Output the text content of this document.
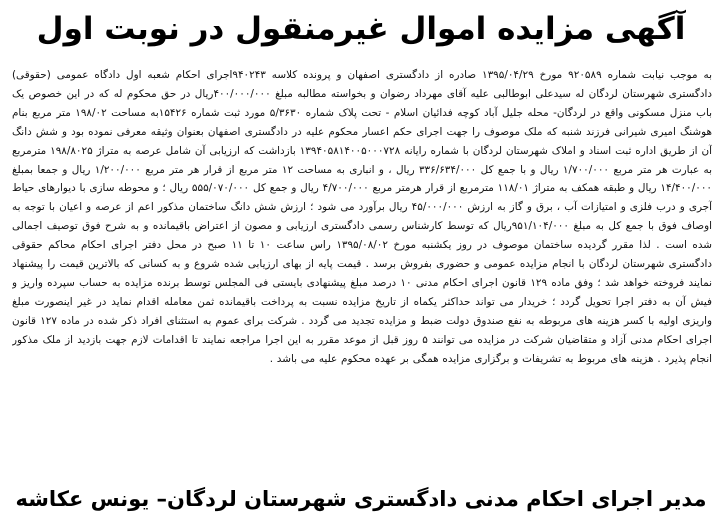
آگهی مزایده اموال غیرمنقول در نوبت اول
به موجب نیابت شماره ۹۲۰۵۸۹ مورخ ۱۳۹۵/۰۴/۲۹ صادره از دادگستری اصفهان و پرونده کلاسه ۹۴۰۲۴۳اجرای احکام شعبه اول دادگاه عمومی (حقوقی) دادگستری شهرستان لردگان له سیدعلی ابوطالبی علیه آقای مهرداد رضوان و بخواسته مطالبه مبلغ ۴۰۰/۰۰۰/۰۰۰ریال در حق محکوم له که در این خصوص یک باب منزل مسکونی واقع در لردگان- محله جلیل آباد کوچه فدائیان اسلام - تحت پلاک شماره ۵/۳۶۳۰ مورد ثبت شماره ۱۵۴۲۶به مساحت ۱۹۸/۰۲ متر مربع بنام هوشنگ امیری شیرانی فرزند شنبه که ملک موصوف را جهت اجرای حکم اعسار محکوم علیه در دادگستری اصفهان بعنوان وثیقه معرفی نموده بود و شش دانگ آن از طریق اداره ثبت اسناد و املاک شهرستان لردگان با شماره رایانه ۱۳۹۴۰۵۸۱۴۰۰۵۰۰۰۷۲۸ بازداشت که ارزیابی آن شامل عرصه به متراژ ۱۹۸/۸۰۲۵ مترمربع به عبارت هر متر مربع ۱/۷۰۰/۰۰۰ ریال و با جمع کل ۳۳۶/۶۳۴/۰۰۰ ریال ، و انباری به مساحت ۱۲ متر مربع از قرار هر متر مربع ۱/۲۰۰/۰۰۰ ریال و جمعا بمبلغ ۱۴/۴۰۰/۰۰۰ ریال و طبقه همکف به متراژ ۱۱۸/۰۱ مترمربع از قرار هرمتر مربع ۴/۷۰۰/۰۰۰ ریال و جمع کل ۵۵۵/۰۷۰/۰۰۰ ریال ؛ و محوطه سازی با دیوارهای حیاط آجری و درب فلزی و امتیازات آب ، برق و گاز به ارزش ۴۵/۰۰۰/۰۰۰ ریال برآورد می شود ؛ ارزش شش دانگ ساختمان مذکور اعم از عرصه و اعیان با توجه به اوصاف فوق با جمع کل به مبلغ ۹۵۱/۱۰۴/۰۰۰ریال که توسط کارشناس رسمی دادگستری ارزیابی و مصون از اعتراض باقیمانده و به شرح فوق توصیف اجمالی شده است . لذا مقرر گردیده ساختمان موصوف در روز یکشنبه مورخ ۱۳۹۵/۰۸/۰۲ راس ساعت ۱۰ تا ۱۱ صبح در محل دفتر اجرای احکام محاکم حقوقی دادگستری شهرستان لردگان با انجام مزایده عمومی و حضوری بفروش برسد . قیمت پایه از بهای ارزیابی شده شروع و به کسانی که بالاترین قیمت را پیشنهاد نمایند فروخته خواهد شد ؛ وفق ماده ۱۲۹ قانون اجرای احکام مدنی ۱۰ درصد مبلغ پیشنهادی بایستی فی المجلس توسط برنده مزایده به حساب سپرده واریز و فیش آن به دفتر اجرا تحویل گردد ؛ خریدار می تواند حداکثر یکماه از تاریخ مزایده نسبت به پرداخت باقیمانده ثمن معامله اقدام نماید در غیر اینصورت مبلغ واریزی اولیه با کسر هزینه های مربوطه به نفع صندوق دولت ضبط و مزایده تجدید می گردد . شرکت برای عموم به استثنای افراد ذکر شده در ماده ۱۲۷ قانون اجرای احکام مدنی آزاد و متقاضیان شرکت در مزایده می توانند ۵ روز قبل از موعد مقرر به این اجرا مراجعه نمایند تا اقدامات لازم جهت بازدید از ملک مذکور انجام پذیرد . هزینه های مربوط به تشریفات و برگزاری مزایده همگی بر عهده محکوم علیه می باشد .
مدیر اجرای احکام مدنی دادگستری شهرستان لردگان– یونس عکاشه
